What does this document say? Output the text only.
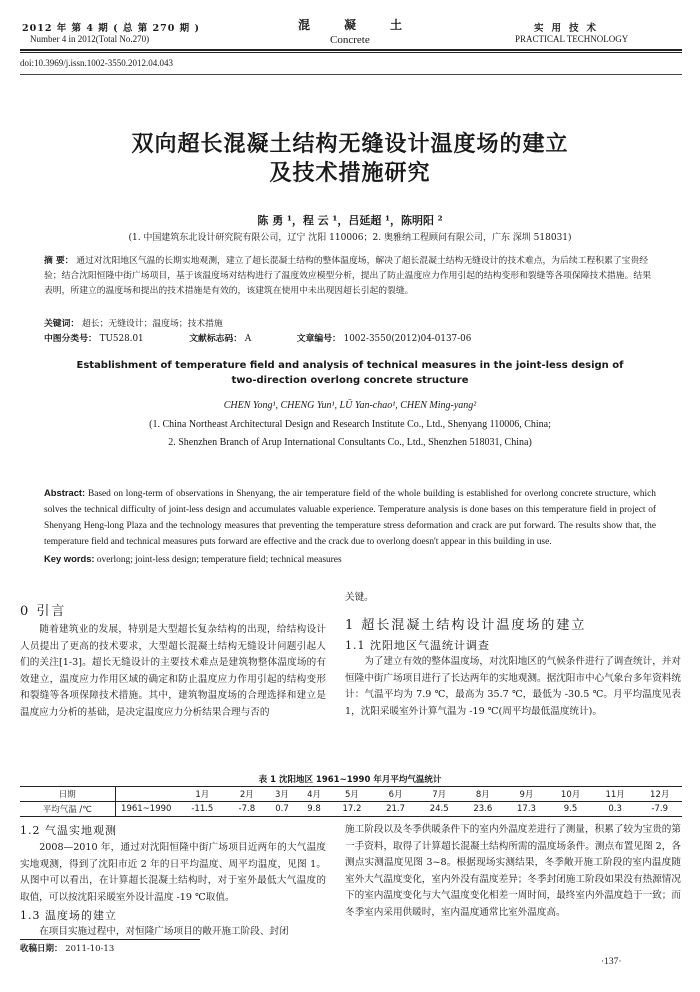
2012 年 第 4 期 ( 总 第 270 期 )
Number 4 in 2012(Total No.270)
混凝土
Concrete
实用技术
PRACTICAL TECHNOLOGY
doi:10.3969/j.issn.1002-3550.2012.04.043
双向超长混凝土结构无缝设计温度场的建立
及技术措施研究
陈 勇 ¹，程 云 ¹，吕延超 ¹，陈明阳 ²
(1. 中国建筑东北设计研究院有限公司，辽宁 沈阳 110006；2. 奥雅纳工程顾问有限公司，广东 深圳 518031)
摘 要： 通过对沈阳地区气温的长期实地观测，建立了超长混凝土结构的整体温度场，解决了超长混凝土结构无缝设计的技术难点，为后续工程积累了宝贵经验；结合沈阳恒隆中街广场项目，基于该温度场对结构进行了温度效应模型分析，提出了防止温度应力作用引起的结构变形和裂缝等各项保障技术措施。结果表明，所建立的温度场和提出的技术措施是有效的，该建筑在使用中未出现因超长引起的裂缝。
关键词： 超长；无缝设计；温度场；技术措施
中图分类号： TU528.01	文献标志码： A	文章编号： 1002-3550(2012)04-0137-06
Establishment of temperature field and analysis of technical measures in the joint-less design of
two-direction overlong concrete structure
CHEN Yong¹, CHENG Yun¹, LÜ Yan-chao¹, CHEN Ming-yang²
(1. China Northeast Architectural Design and Research Institute Co., Ltd., Shenyang 110006, China;
2. Shenzhen Branch of Arup International Consultants Co., Ltd., Shenzhen 518031, China)
Abstract: Based on long-term of observations in Shenyang, the air temperature field of the whole building is established for overlong concrete structure, which solves the technical difficulty of joint-less design and accumulates valuable experience. Temperature analysis is done bases on this temperature field in project of Shenyang Heng-long Plaza and the technology measures that preventing the temperature stress deformation and crack are put forward. The results show that, the temperature field and technical measures puts forward are effective and the crack due to overlong doesn't appear in this building in use.
Key words: overlong; joint-less design; temperature field; technical measures
0 引言
随着建筑业的发展，特别是大型超长复杂结构的出现，给结构设计人员提出了更高的技术要求，大型超长混凝土结构无缝设计问题引起人们的关注[1-3]。超长无缝设计的主要技术难点是建筑物整体温度场的有效建立，温度应力作用区域的确定和防止温度应力作用引起的结构变形和裂缝等各项保障技术措施。其中，建筑物温度场的合理选择和建立是温度应力分析的基础，是决定温度应力分析结果合理与否的
关键。
1 超长混凝土结构设计温度场的建立
1.1 沈阳地区气温统计调查
为了建立有效的整体温度场，对沈阳地区的气候条件进行了调查统计，并对恒隆中街广场项目进行了长达两年的实地观测。据沈阳市中心气象台多年资料统计：气温平均为 7.9 ℃，最高为 35.7 ℃，最低为 -30.5 ℃。月平均温度见表 1，沈阳采暖室外计算气温为 -19 ℃(周平均最低温度统计)。
表 1 沈阳地区 1961~1990 年月平均气温统计
日期		1月	2月	3月	4月	5月	6月	7月	8月	9月	10月	11月	12月
平均气温 /℃	1961~1990	-11.5	-7.8	0.7	9.8	17.2	21.7	24.5	23.6	17.3	9.5	0.3	-7.9
1.2 气温实地观测
2008—2010 年，通过对沈阳恒隆中街广场项目近两年的大气温度实地观测，得到了沈阳市近 2 年的日平均温度、周平均温度，见图 1。从图中可以看出，在计算超长混凝土结构时，对于室外最低大气温度的取值，可以按沈阳采暖室外设计温度 -19 ℃取值。
1.3 温度场的建立
在项目实施过程中，对恒隆广场项目的敞开施工阶段、封闭
施工阶段以及冬季供暖条件下的室内外温度差进行了测量，积累了较为宝贵的第一手资料，取得了计算超长混凝土结构所需的温度场条件。测点布置见图 2，各测点实测温度见图 3~8。根据现场实测结果，冬季敞开施工阶段的室内温度随室外大气温度变化，室内外没有温度差异；冬季封闭施工阶段如果没有热源情况下的室内温度变化与大气温度变化相差一周时间，最终室内外温度趋于一致；而冬季室内采用供暖时，室内温度通常比室外温度高。
收稿日期： 2011-10-13
·137·
